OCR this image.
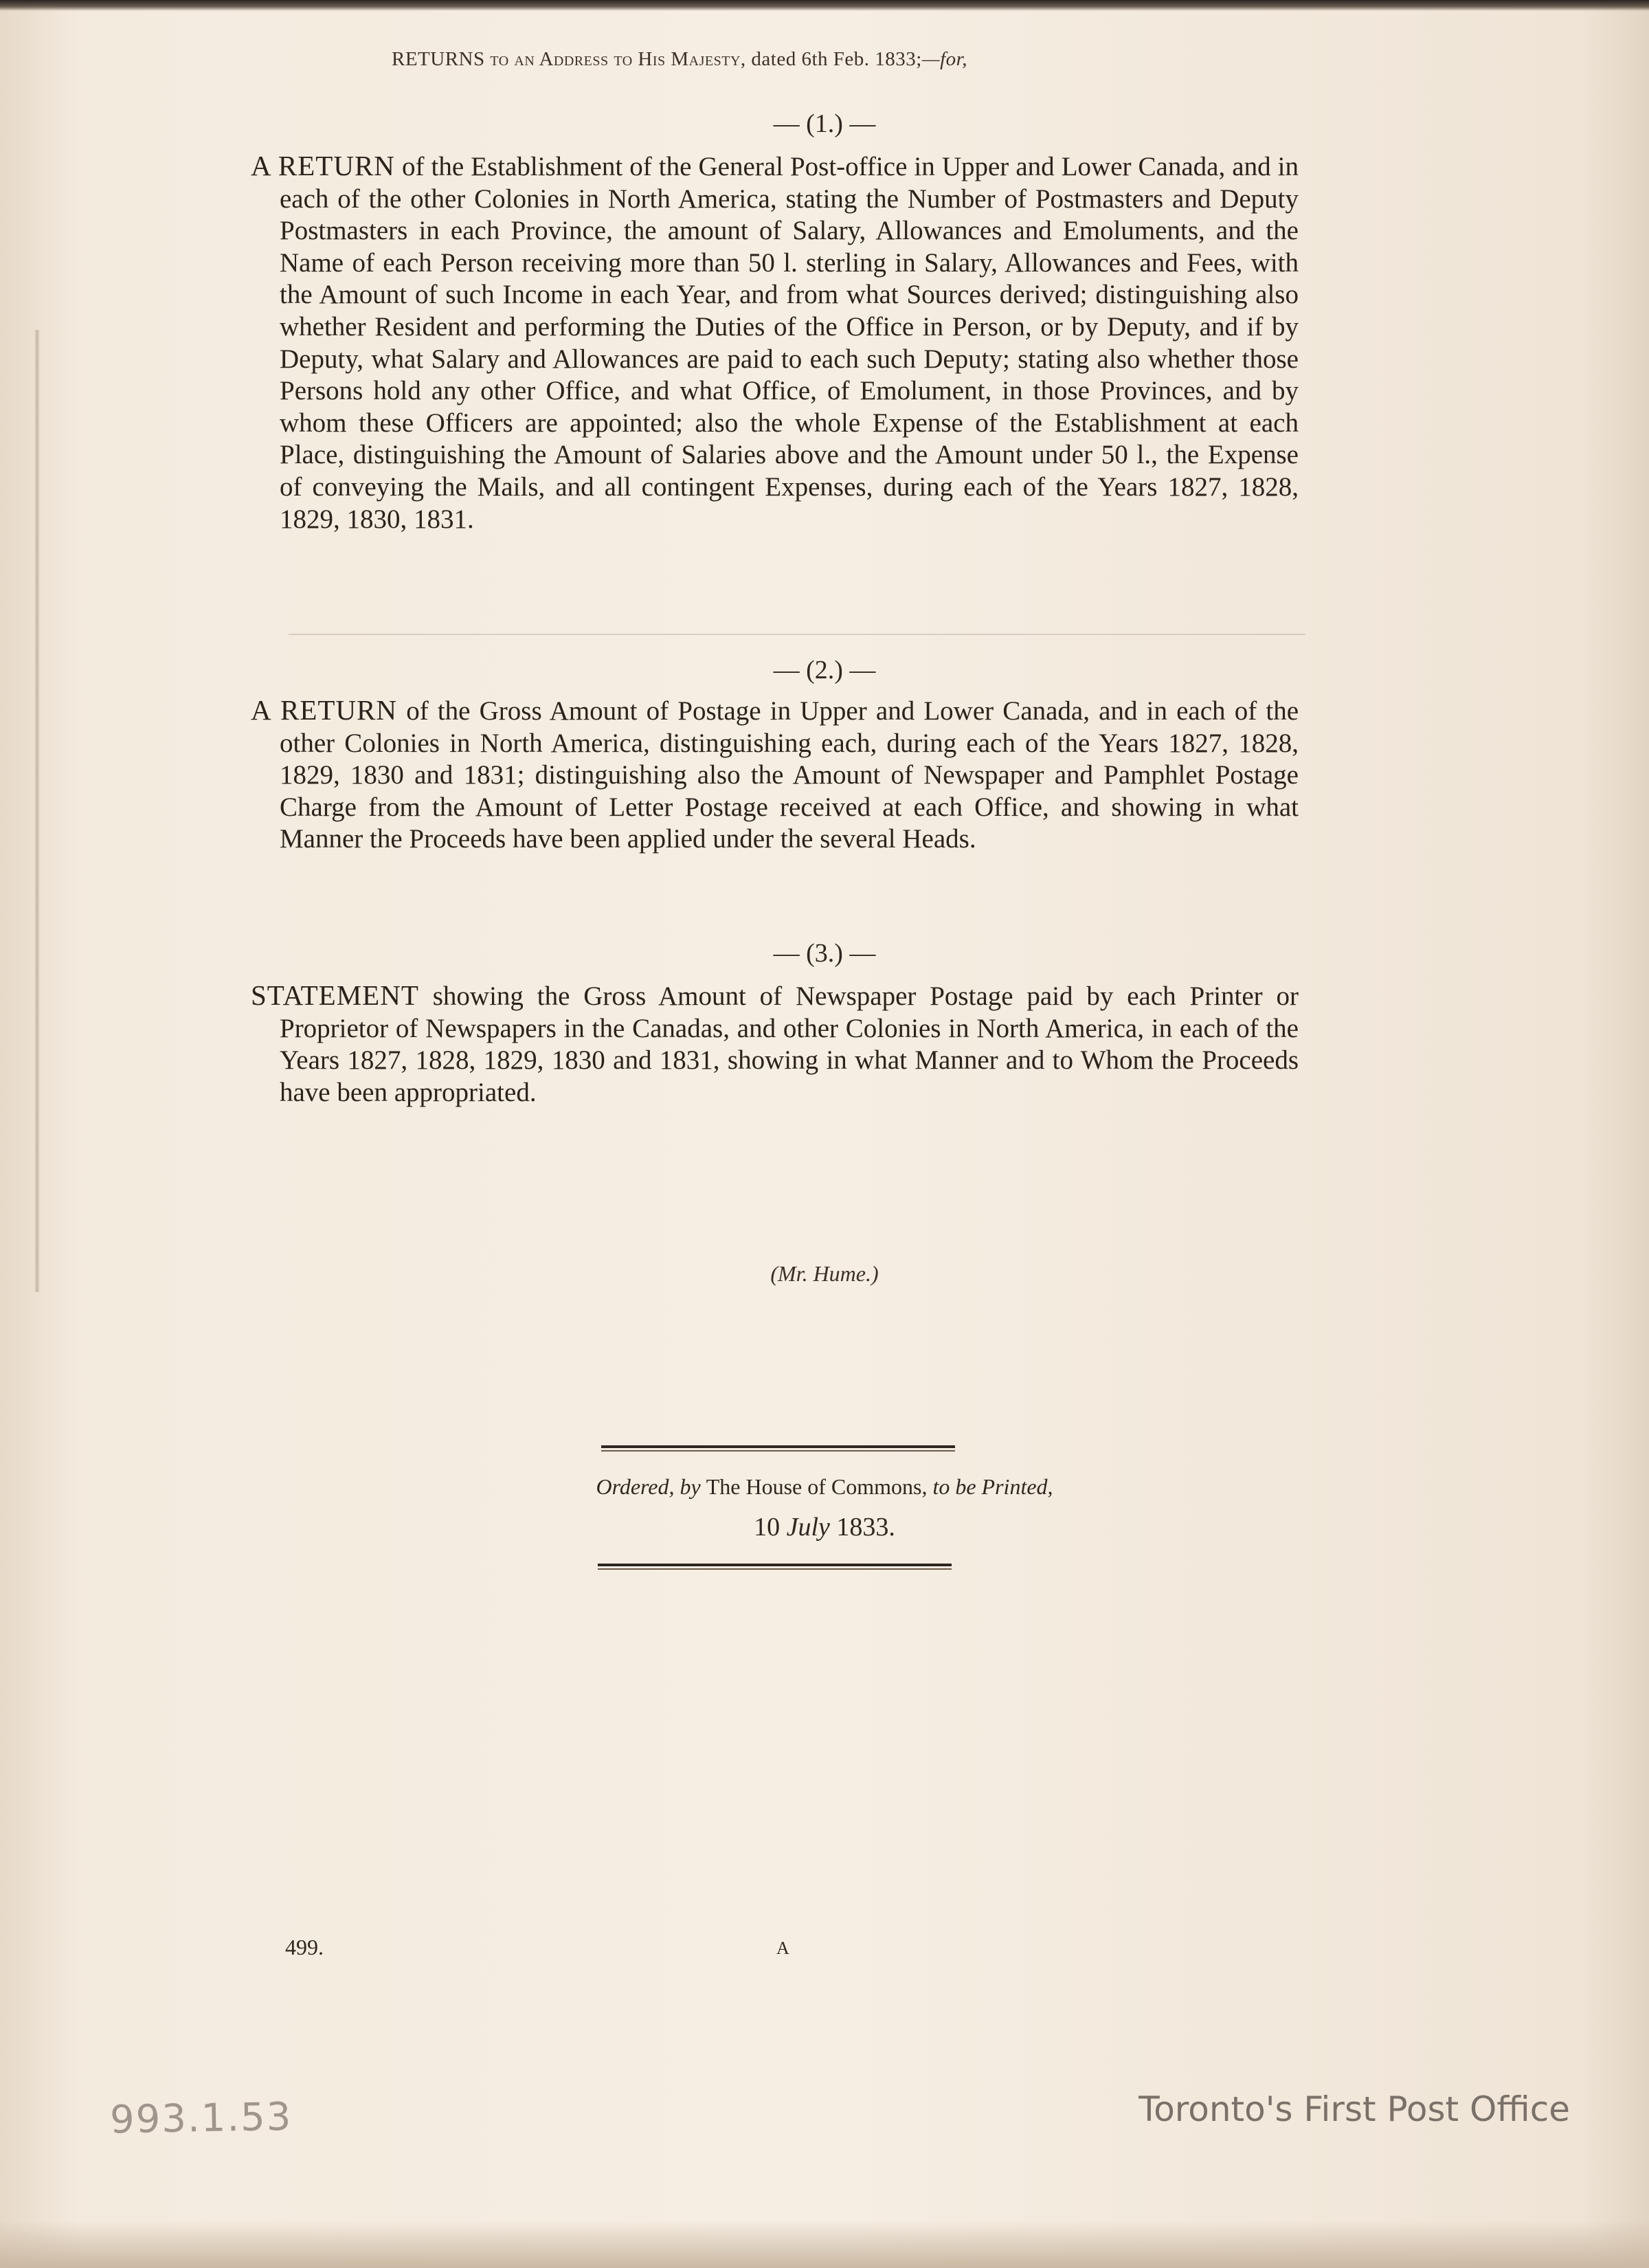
RETURNS to an Address to His Majesty, dated 6th Feb. 1833;—for,
— (1.) —
A RETURN of the Establishment of the General Post-office in Upper and Lower Canada, and in each of the other Colonies in North America, stating the Number of Postmasters and Deputy Postmasters in each Province, the amount of Salary, Allowances and Emoluments, and the Name of each Person receiving more than 50 l. sterling in Salary, Allowances and Fees, with the Amount of such Income in each Year, and from what Sources derived; distinguishing also whether Resident and performing the Duties of the Office in Person, or by Deputy, and if by Deputy, what Salary and Allowances are paid to each such Deputy; stating also whether those Persons hold any other Office, and what Office, of Emolument, in those Provinces, and by whom these Officers are appointed; also the whole Expense of the Establishment at each Place, distinguishing the Amount of Salaries above and the Amount under 50 l., the Expense of conveying the Mails, and all contingent Expenses, during each of the Years 1827, 1828, 1829, 1830, 1831.
— (2.) —
A RETURN of the Gross Amount of Postage in Upper and Lower Canada, and in each of the other Colonies in North America, distinguishing each, during each of the Years 1827, 1828, 1829, 1830 and 1831; distinguishing also the Amount of Newspaper and Pamphlet Postage Charge from the Amount of Letter Postage received at each Office, and showing in what Manner the Proceeds have been applied under the several Heads.
— (3.) —
STATEMENT showing the Gross Amount of Newspaper Postage paid by each Printer or Proprietor of Newspapers in the Canadas, and other Colonies in North America, in each of the Years 1827, 1828, 1829, 1830 and 1831, showing in what Manner and to Whom the Proceeds have been appropriated.
(Mr. Hume.)
Ordered, by The House of Commons, to be Printed,
10 July 1833.
499.	A
993.1.53	Toronto's First Post Office
